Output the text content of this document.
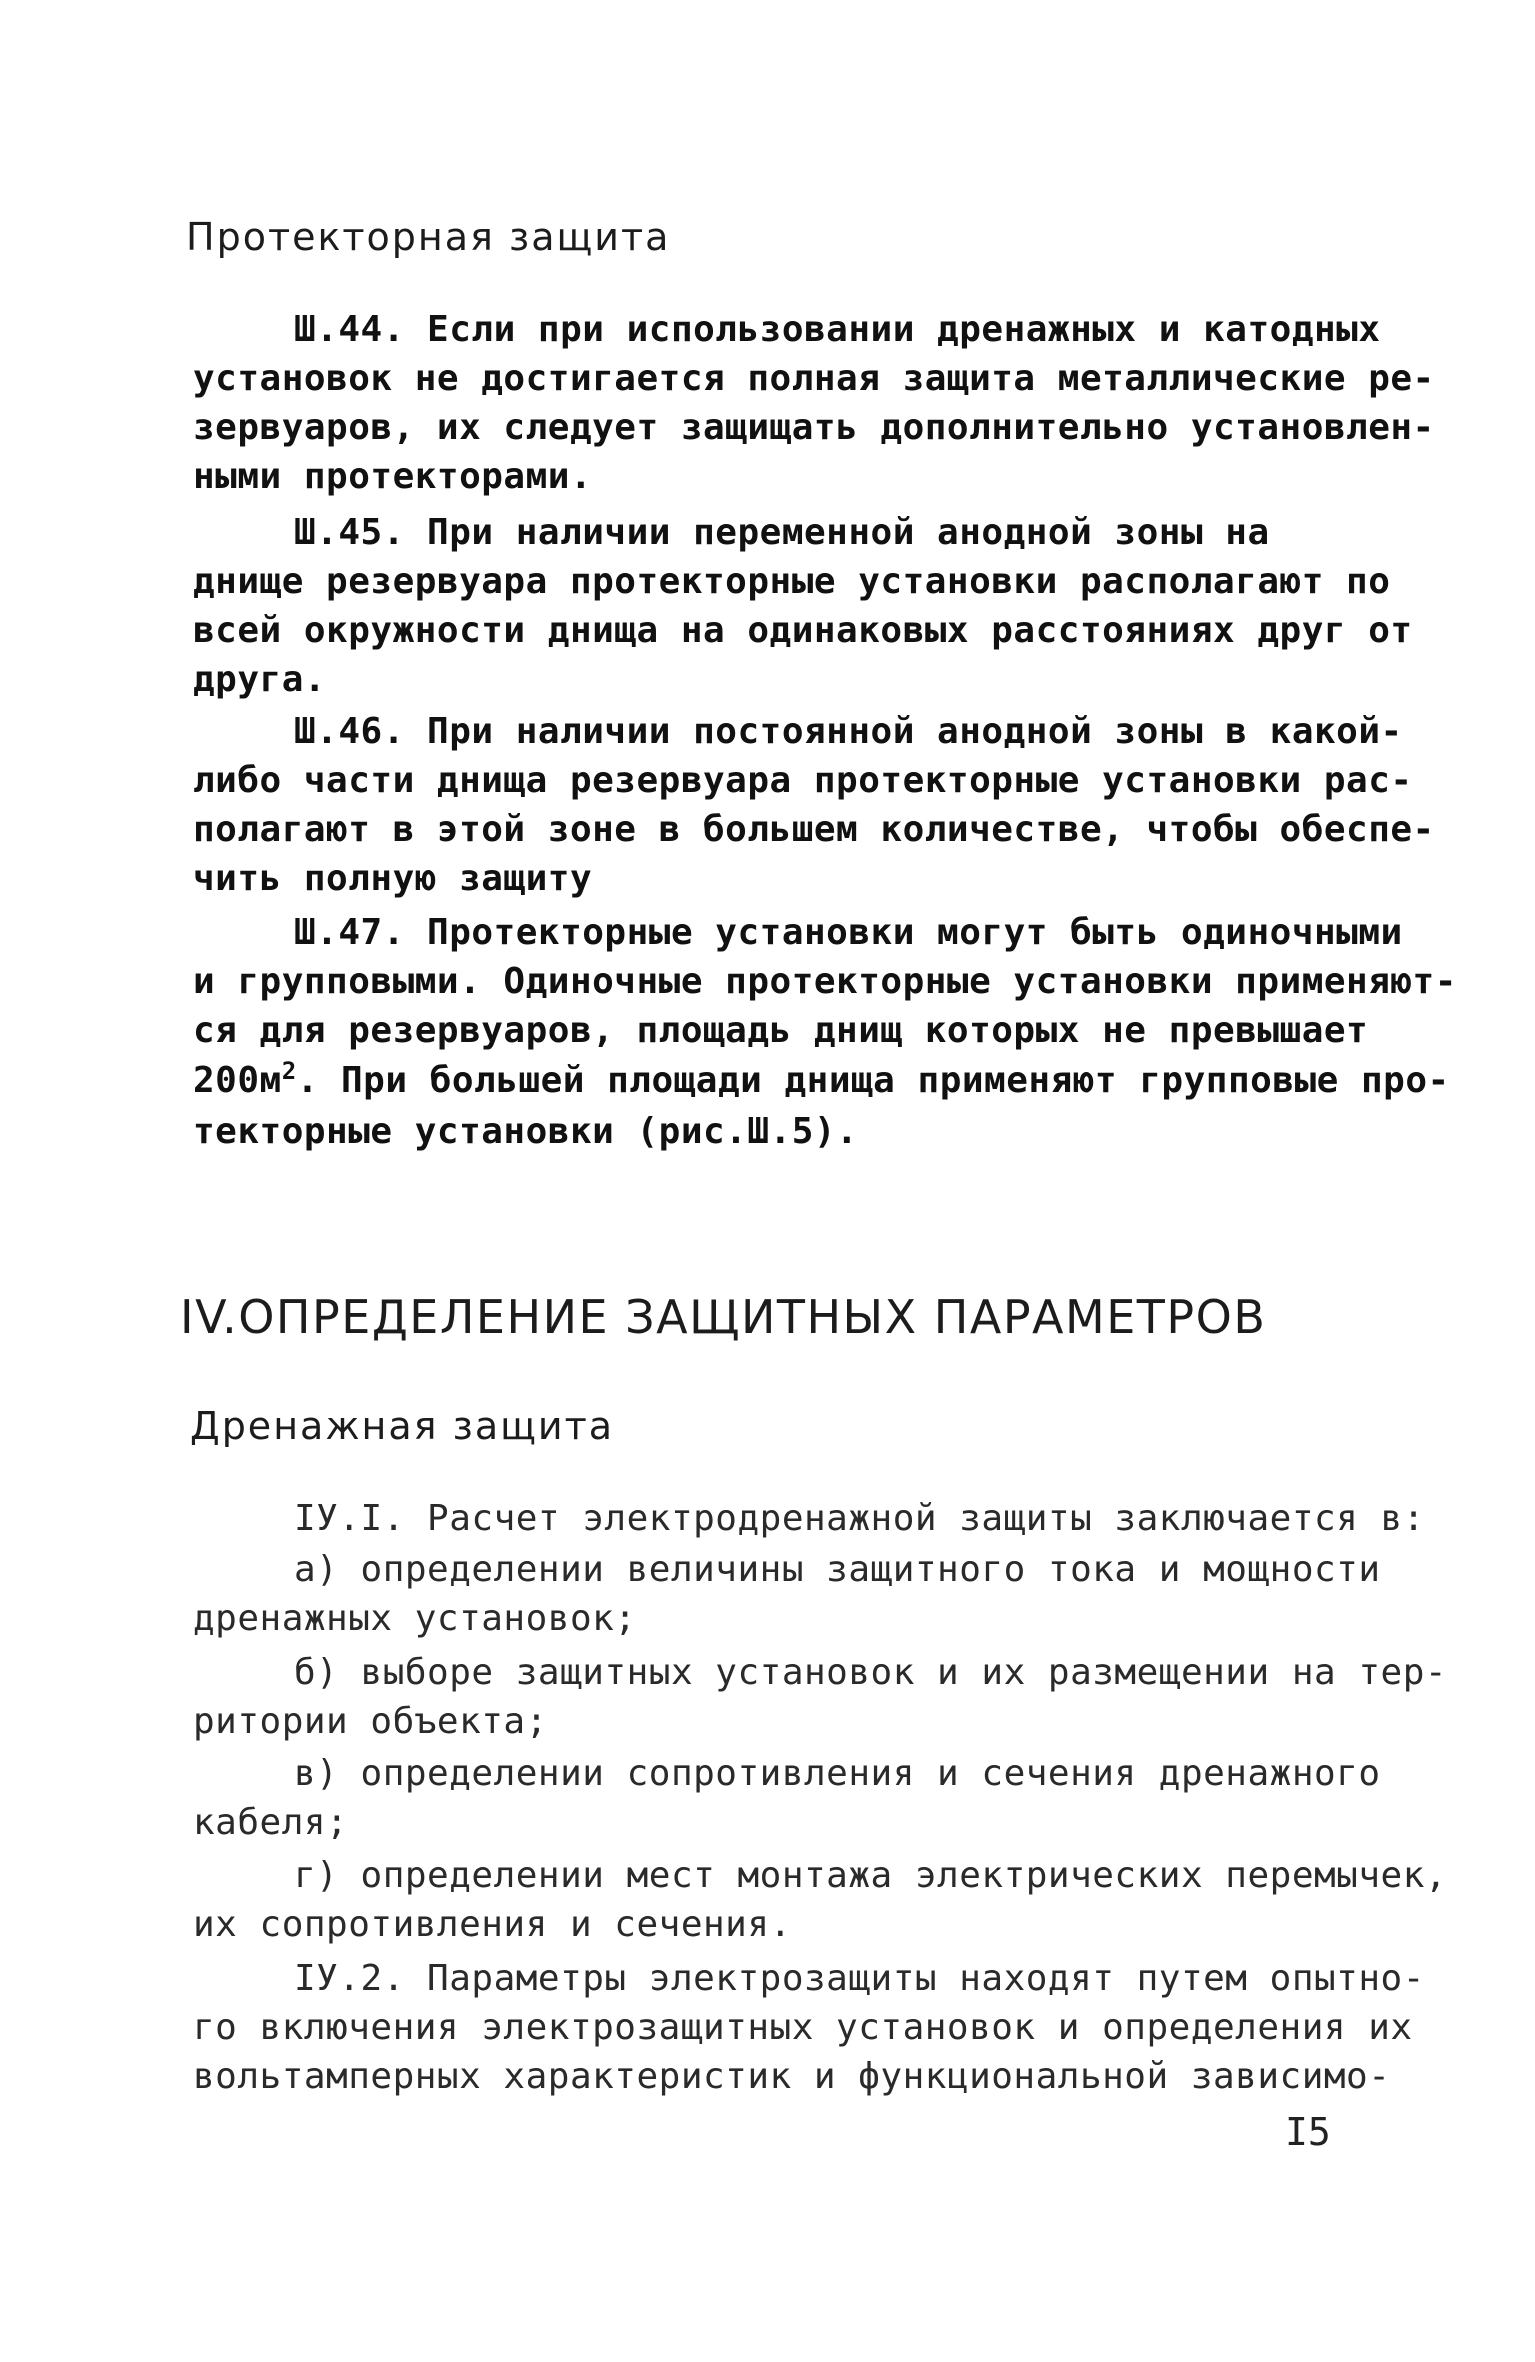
Протекторная защита
Ш.44. Если при использовании дренажных и катодных
установок не достигается полная защита металлические ре-
зервуаров, их следует защищать дополнительно установлен-
ными протекторами.
Ш.45. При наличии переменной анодной зоны на
днище резервуара протекторные установки располагают по
всей окружности днища на одинаковых расстояниях друг от
друга.
Ш.46. При наличии постоянной анодной зоны в какой-
либо части днища резервуара протекторные установки рас-
полагают в этой зоне в большем количестве, чтобы обеспе-
чить полную защиту
Ш.47. Протекторные установки могут быть одиночными
и групповыми. Одиночные протекторные установки применяют-
ся для резервуаров, площадь днищ которых не превышает
$200м^2$. При большей площади днища применяют групповые про-
текторные установки (рис.Ш.5).
IV.ОПРЕДЕЛЕНИЕ ЗАЩИТНЫХ ПАРАМЕТРОВ
Дренажная защита
IУ.I. Расчет электродренажной защиты заключается в:
а) определении величины защитного тока и мощности
дренажных установок;
б) выборе защитных установок и их размещении на тер-
ритории объекта;
в) определении сопротивления и сечения дренажного
кабеля;
г) определении мест монтажа электрических перемычек,
их сопротивления и сечения.
IУ.2. Параметры электрозащиты находят путем опытно-
го включения электрозащитных установок и определения их
вольтамперных характеристик и функциональной зависимо-
I5
